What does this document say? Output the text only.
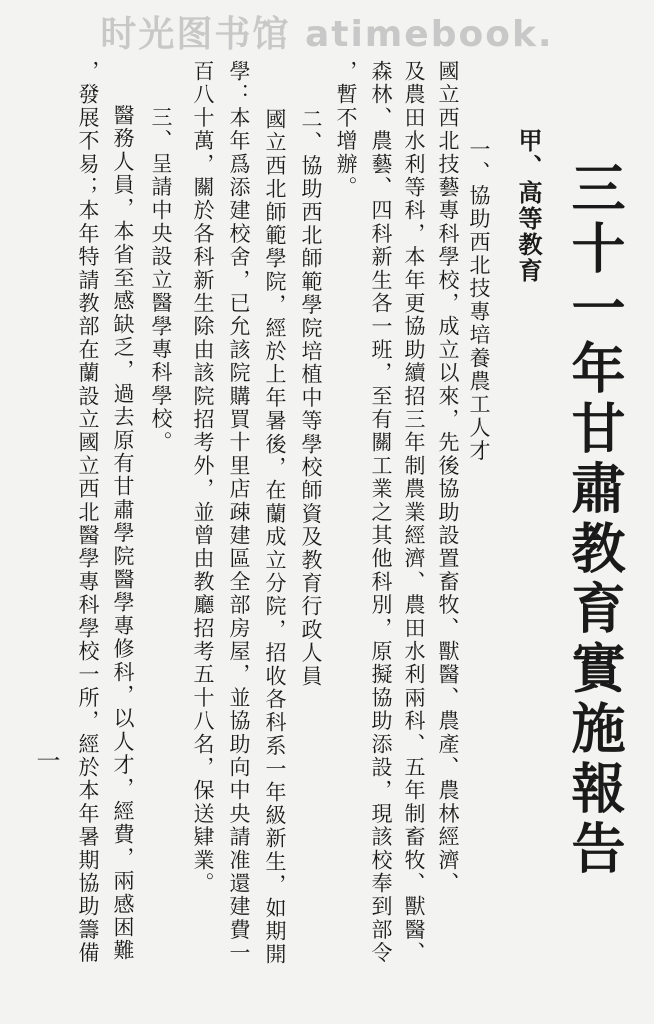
时光图书馆 atimebook.
三十一年甘肅教育實施報告
甲、高等教育
一、協助西北技專培養農工人才
國立西北技藝專科學校，成立以來，先後協助設置畜牧、獸醫、農產、農林經濟、
及農田水利等科，本年更協助續招三年制農業經濟、農田水利兩科、五年制畜牧、獸醫、
森林、農藝、四科新生各一班，至有關工業之其他科別，原擬協助添設，現該校奉到部令
，暫不增辦。
二、協助西北師範學院培植中等學校師資及教育行政人員
國立西北師範學院，經於上年暑後，在蘭成立分院，招收各科系一年級新生，如期開
學：本年爲添建校舍，已允該院購買十里店疎建區全部房屋，並協助向中央請准還建費一
百八十萬，關於各科新生除由該院招考外，並曾由教廳招考五十八名，保送肄業。
三、呈請中央設立醫學專科學校。
醫務人員，本省至感缺乏，過去原有甘肅學院醫學專修科，以人才，經費，兩感困難
，發展不易；本年特請教部在蘭設立國立西北醫學專科學校一所，經於本年暑期協助籌備
一
